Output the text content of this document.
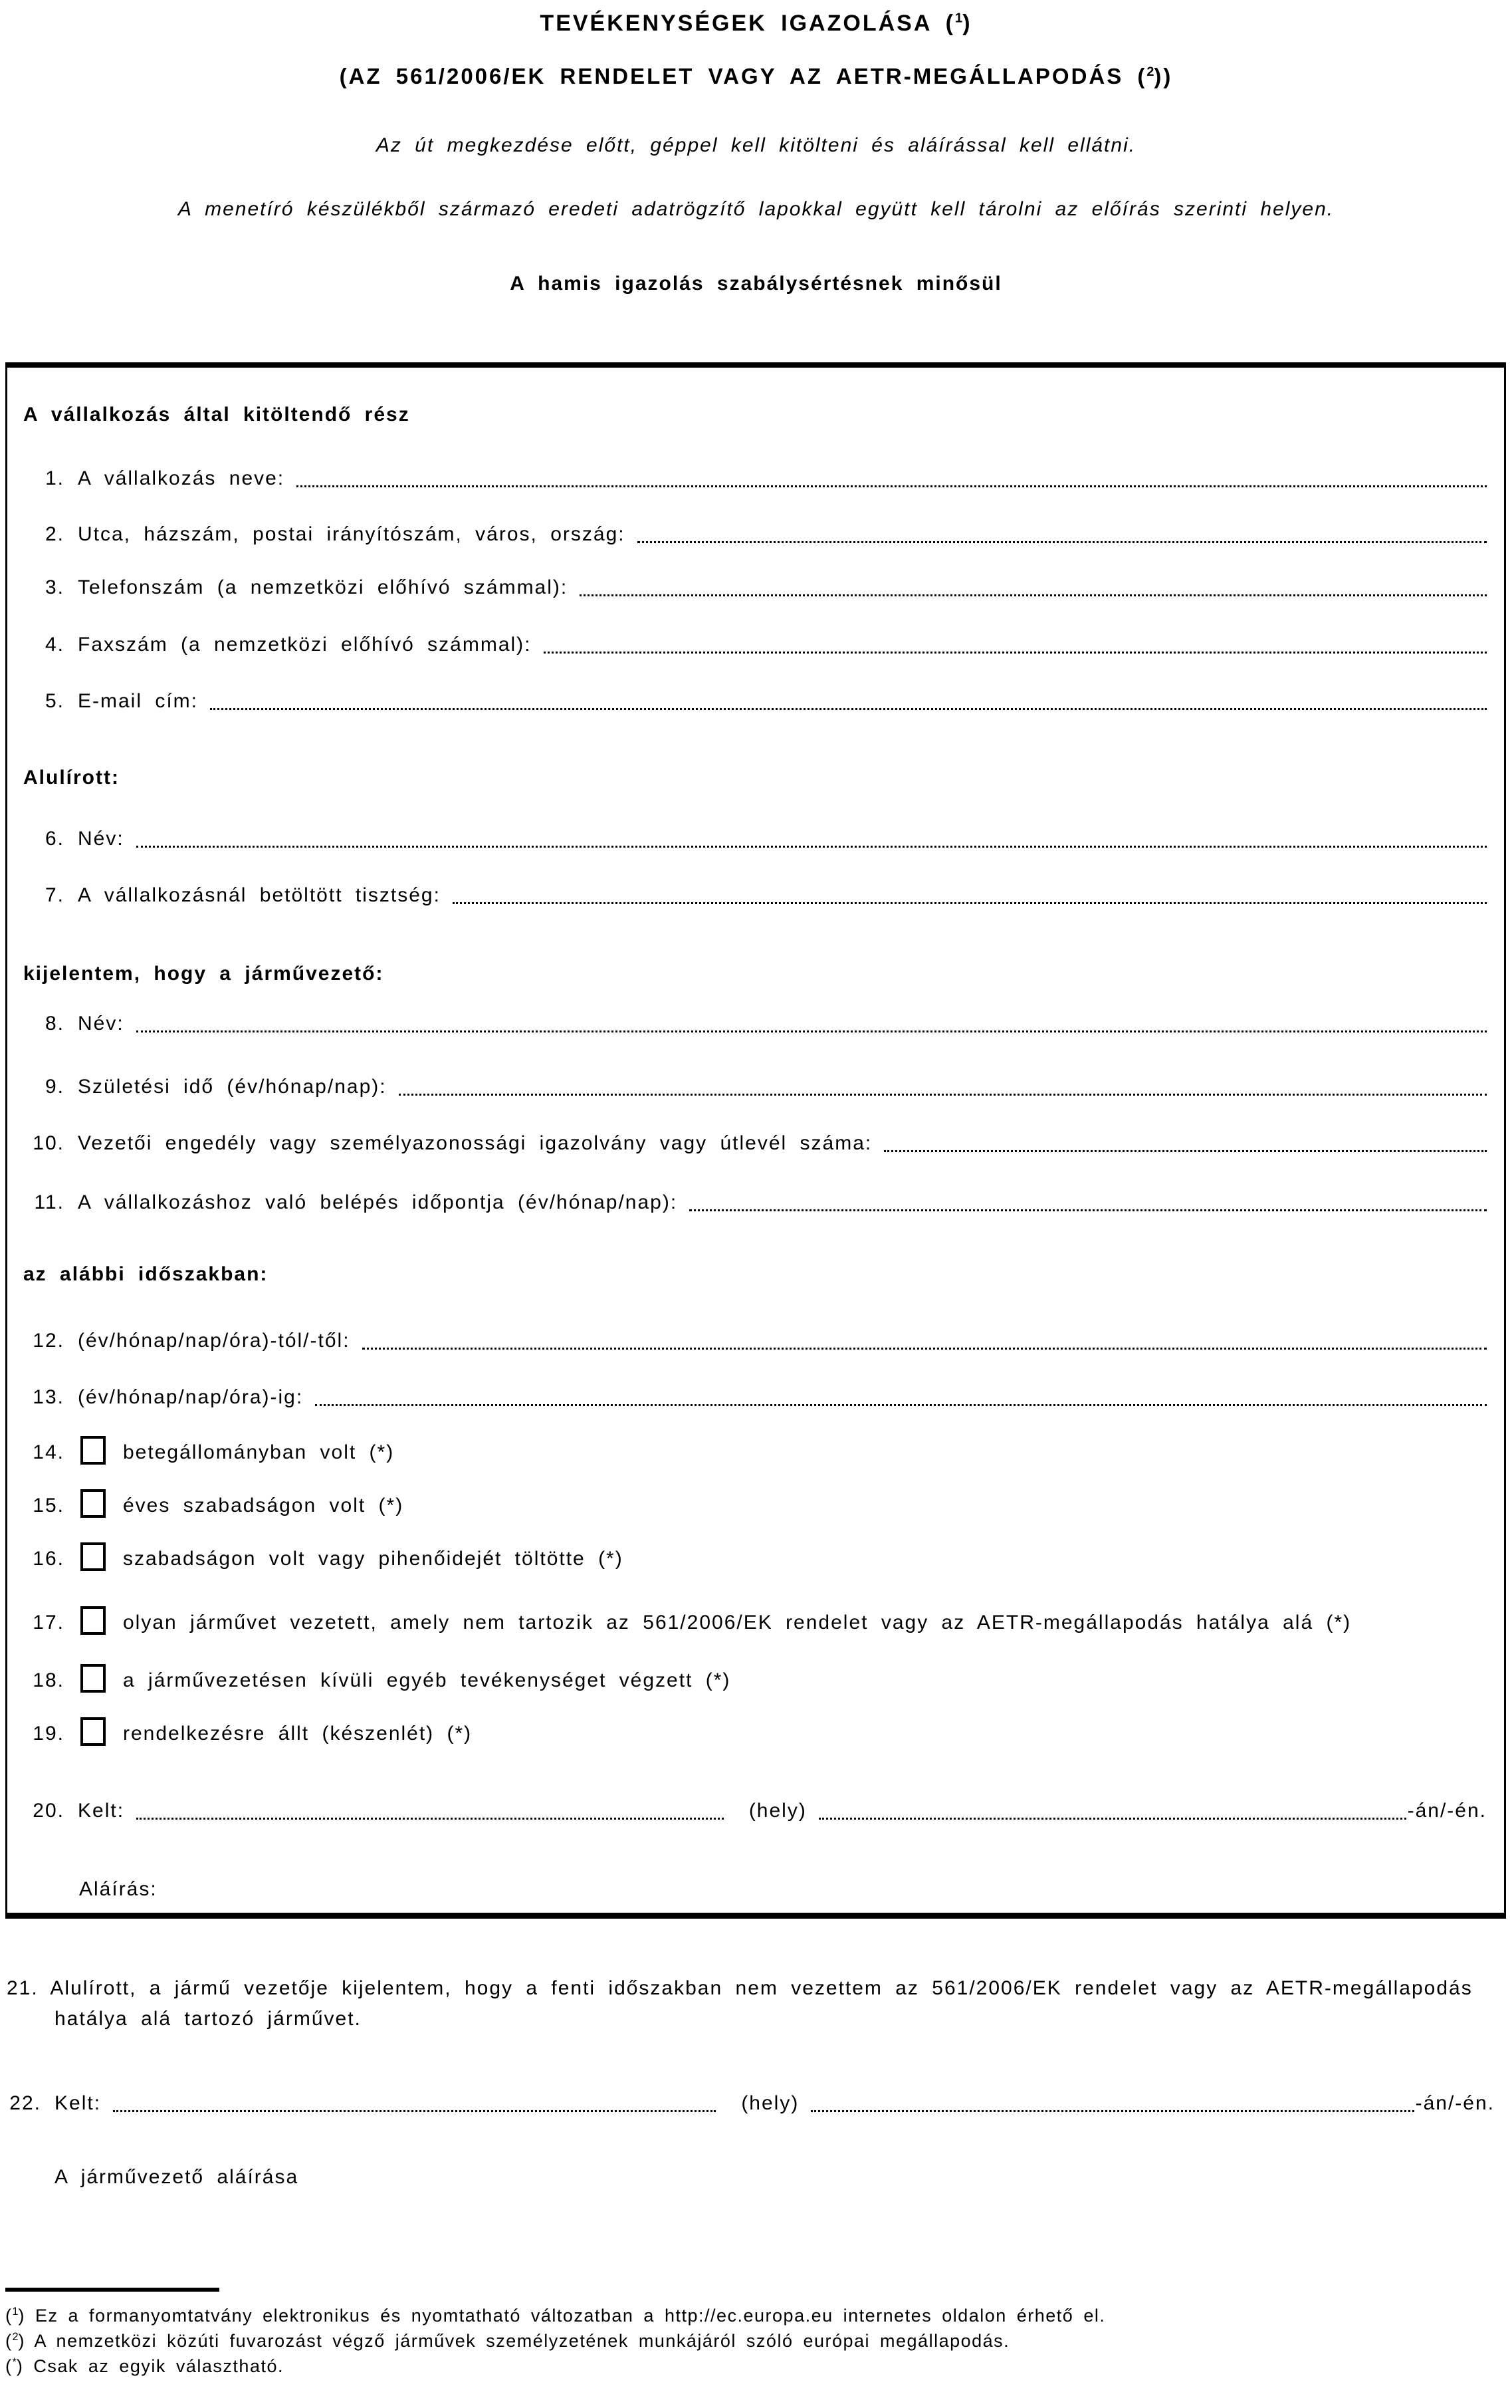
TEVÉKENYSÉGEK IGAZOLÁSA ($^1$)
(AZ 561/2006/EK RENDELET VAGY AZ AETR-MEGÁLLAPODÁS ($^2$))
Az út megkezdése előtt, géppel kell kitölteni és aláírással kell ellátni.
A menetíró készülékből származó eredeti adatrögzítő lapokkal együtt kell tárolni az előírás szerinti helyen.
A hamis igazolás szabálysértésnek minősül
A vállalkozás által kitöltendő rész
1. A vállalkozás neve:
2. Utca, házszám, postai irányítószám, város, ország:
3. Telefonszám (a nemzetközi előhívó számmal):
4. Faxszám (a nemzetközi előhívó számmal):
5. E-mail cím:
Alulírott:
6. Név:
7. A vállalkozásnál betöltött tisztség:
kijelentem, hogy a járművezető:
8. Név:
9. Születési idő (év/hónap/nap):
10. Vezetői engedély vagy személyazonossági igazolvány vagy útlevél száma:
11. A vállalkozáshoz való belépés időpontja (év/hónap/nap):
az alábbi időszakban:
12. (év/hónap/nap/óra)-tól/-től:
13. (év/hónap/nap/óra)-ig:
14.	betegállományban volt (*)
15.	éves szabadságon volt (*)
16.	szabadságon volt vagy pihenőidejét töltötte (*)
17.	olyan járművet vezetett, amely nem tartozik az 561/2006/EK rendelet vagy az AETR-megállapodás hatálya alá (*)
18.	a járművezetésen kívüli egyéb tevékenységet végzett (*)
19.	rendelkezésre állt (készenlét) (*)
20. Kelt:	(hely)	-án/-én.
Aláírás:
21. Alulírott, a jármű vezetője kijelentem, hogy a fenti időszakban nem vezettem az 561/2006/EK rendelet vagy az AETR-megállapodás hatálya alá tartozó járművet.
22. Kelt:	(hely)	-án/-én.
A járművezető aláírása
($^1$) Ez a formanyomtatvány elektronikus és nyomtatható változatban a http://ec.europa.eu internetes oldalon érhető el.
($^2$) A nemzetközi közúti fuvarozást végző járművek személyzetének munkájáról szóló európai megállapodás.
(*) Csak az egyik választható.
